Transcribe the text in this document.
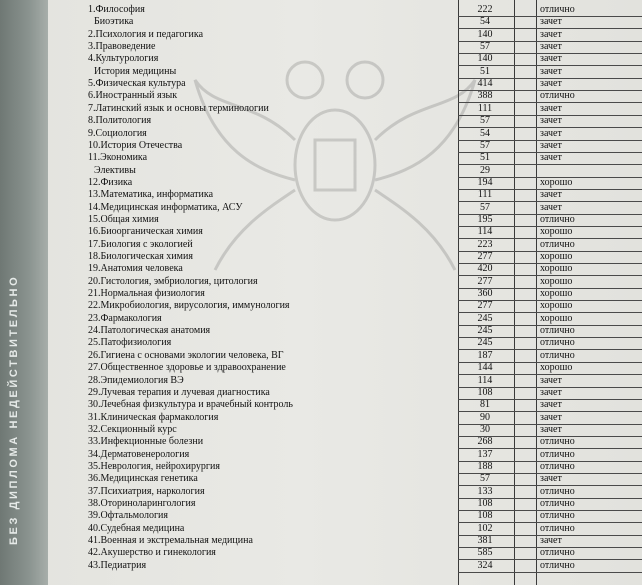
БЕЗ ДИПЛОМА НЕДЕЙСТВИТЕЛЬНО
1.Философия	222	отлично
Биоэтика	54	зачет
2.Психология и педагогика	140	зачет
3.Правоведение	57	зачет
4.Культурология	140	зачет
История медицины	51	зачет
5.Физическая культура	414	зачет
6.Иностранный язык	388	отлично
7.Латинский язык и основы терминологии	111	зачет
8.Политология	57	зачет
9.Социология	54	зачет
10.История Отечества	57	зачет
11.Экономика	51	зачет
Элективы	29
12.Физика	194	хорошо
13.Математика, информатика	111	зачет
14.Медицинская информатика, АСУ	57	зачет
15.Общая химия	195	отлично
16.Биоорганическая химия	114	хорошо
17.Биология с экологией	223	отлично
18.Биологическая химия	277	хорошо
19.Анатомия человека	420	хорошо
20.Гистология, эмбриология, цитология	277	хорошо
21.Нормальная физиология	360	хорошо
22.Микробиология, вирусология, иммунология	277	хорошо
23.Фармакология	245	хорошо
24.Патологическая анатомия	245	отлично
25.Патофизиология	245	отлично
26.Гигиена с основами экологии человека, ВГ	187	отлично
27.Общественное здоровье и здравоохранение	144	хорошо
28.Эпидемиология ВЭ	114	зачет
29.Лучевая терапия и лучевая диагностика	108	зачет
30.Лечебная физкультура и врачебный контроль	81	зачет
31.Клиническая фармакология	90	зачет
32.Секционный курс	30	зачет
33.Инфекционные болезни	268	отлично
34.Дерматовенерология	137	отлично
35.Неврология, нейрохирургия	188	отлично
36.Медицинская генетика	57	зачет
37.Психиатрия, наркология	133	отлично
38.Оториноларингология	108	отлично
39.Офтальмология	108	отлично
40.Судебная медицина	102	отлично
41.Военная и экстремальная медицина	381	зачет
42.Акушерство и гинекология	585	отлично
43.Педиатрия	324	отлично
